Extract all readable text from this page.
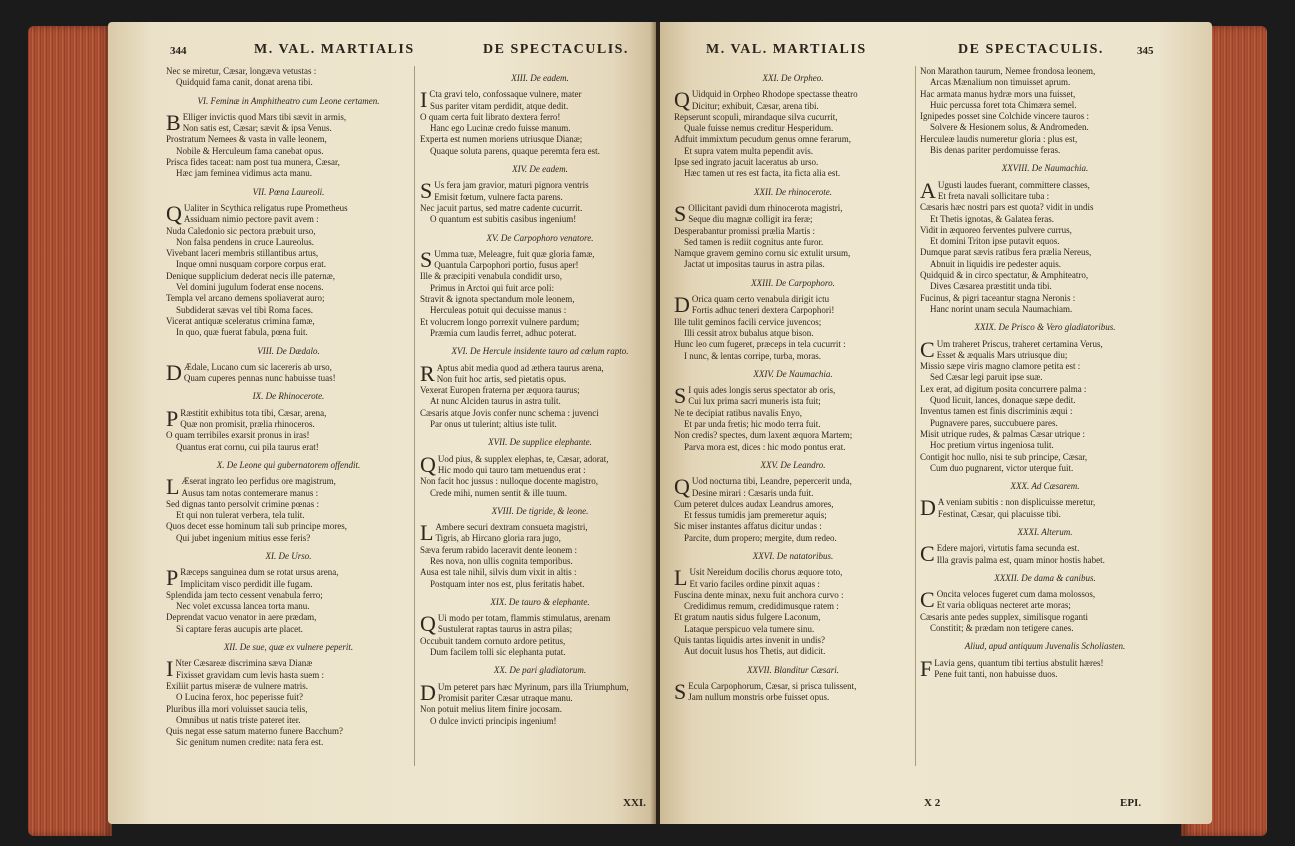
344	M. VAL. MARTIALIS	DE SPECTACULIS.
Nec se miretur, Cæsar, longæva vetustas :
Quidquid fama canit, donat arena tibi.
VI. Feminæ in Amphitheatro cum Leone certamen.
B Elliger invictis quod Mars tibi sævit in armis,
Non satis est, Cæsar; sævit & ipsa Venus.
Prostratum Nemees & vasta in valle leonem,
Nobile & Herculeum fama canebat opus.
Prisca fides taceat: nam post tua munera, Cæsar,
Hæc jam feminea vidimus acta manu.
VII. Pœna Laureoli.
Q Ualiter in Scythica religatus rupe Prometheus
Assiduam nimio pectore pavit avem :
Nuda Caledonio sic pectora præbuit urso,
Non falsa pendens in cruce Laureolus.
Vivebant laceri membris stillantibus artus,
Inque omni nusquam corpore corpus erat.
Denique supplicium dederat necis ille paternæ,
Vel domini jugulum foderat ense nocens.
Templa vel arcano demens spoliaverat auro;
Subdiderat sævas vel tibi Roma faces.
Vicerat antiquæ sceleratus crimina famæ,
In quo, quæ fuerat fabula, pœna fuit.
VIII. De Dædalo.
D Ædale, Lucano cum sic lacereris ab urso,
Quam cuperes pennas nunc habuisse tuas!
IX. De Rhinocerote.
P Ræstitit exhibitus tota tibi, Cæsar, arena,
Quæ non promisit, prælia rhinoceros.
O quam terribiles exarsit pronus in iras!
Quantus erat cornu, cui pila taurus erat!
X. De Leone qui gubernatorem offendit.
L Æserat ingrato leo perfidus ore magistrum,
Ausus tam notas contemerare manus :
Sed dignas tanto persolvit crimine pœnas :
Et qui non tulerat verbera, tela tulit.
Quos decet esse hominum tali sub principe mores,
Qui jubet ingenium mitius esse feris?
XI. De Urso.
P Ræceps sanguinea dum se rotat ursus arena,
Implicitam visco perdidit ille fugam.
Splendida jam tecto cessent venabula ferro;
Nec volet excussa lancea torta manu.
Deprendat vacuo venator in aere prædam,
Si captare feras aucupis arte placet.
XII. De sue, quæ ex vulnere peperit.
I Nter Cæsareæ discrimina sæva Dianæ
Fixisset gravidam cum levis hasta suem :
Exiliit partus miseræ de vulnere matris.
O Lucina ferox, hoc peperisse fuit?
Pluribus illa mori voluisset saucia telis,
Omnibus ut natis triste pateret iter.
Quis negat esse satum materno funere Bacchum?
Sic genitum numen credite: nata fera est.
XIII. De eadem.
I Cta gravi telo, confossaque vulnere, mater
Sus pariter vitam perdidit, atque dedit.
O quam certa fuit librato dextera ferro!
Hanc ego Lucinæ credo fuisse manum.
Experta est numen moriens utriusque Dianæ;
Quaque soluta parens, quaque peremta fera est.
XIV. De eadem.
S Us fera jam gravior, maturi pignora ventris
Emisit fœtum, vulnere facta parens.
Nec jacuit partus, sed matre cadente cucurrit.
O quantum est subitis casibus ingenium!
XV. De Carpophoro venatore.
S Umma tuæ, Meleagre, fuit quæ gloria famæ,
Quantula Carpophori portio, fusus aper!
Ille & præcipiti venabula condidit urso,
Primus in Arctoi qui fuit arce poli:
Stravit & ignota spectandum mole leonem,
Herculeas potuit qui decuisse manus :
Et volucrem longo porrexit vulnere pardum;
Præmia cum laudis ferret, adhuc poterat.
XVI. De Hercule insidente tauro ad cœlum rapto.
R Aptus abit media quod ad æthera taurus arena,
Non fuit hoc artis, sed pietatis opus.
Vexerat Europen fraterna per æquora taurus;
At nunc Alciden taurus in astra tulit.
Cæsaris atque Jovis confer nunc schema : juvenci
Par onus ut tulerint; altius iste tulit.
XVII. De supplice elephante.
Q Uod pius, & supplex elephas, te, Cæsar, adorat,
Hic modo qui tauro tam metuendus erat :
Non facit hoc jussus : nulloque docente magistro,
Crede mihi, numen sentit & ille tuum.
XVIII. De tigride, & leone.
L Ambere securi dextram consueta magistri,
Tigris, ab Hircano gloria rara jugo,
Sæva ferum rabido laceravit dente leonem :
Res nova, non ullis cognita temporibus.
Ausa est tale nihil, silvis dum vixit in altis :
Postquam inter nos est, plus feritatis habet.
XIX. De tauro & elephante.
Q Ui modo per totam, flammis stimulatus, arenam
Sustulerat raptas taurus in astra pilas;
Occubuit tandem cornuto ardore petitus,
Dum facilem tolli sic elephanta putat.
XX. De pari gladiatorum.
D Um peteret pars hæc Myrinum, pars illa Triumphum,
Promisit pariter Cæsar utraque manu.
Non potuit melius litem finire jocosam.
O dulce invicti principis ingenium!
XXI.
M. VAL. MARTIALIS	DE SPECTACULIS.	345
XXI. De Orpheo.
Q Uidquid in Orpheo Rhodope spectasse theatro
Dicitur; exhibuit, Cæsar, arena tibi.
Repserunt scopuli, mirandaque silva cucurrit,
Quale fuisse nemus creditur Hesperidum.
Adfuit immixtum pecudum genus omne ferarum,
Et supra vatem multa pependit avis.
Ipse sed ingrato jacuit laceratus ab urso.
Hæc tamen ut res est facta, ita ficta alia est.
XXII. De rhinocerote.
S Ollicitant pavidi dum rhinocerota magistri,
Seque diu magnæ colligit ira feræ;
Desperabantur promissi prælia Martis :
Sed tamen is rediit cognitus ante furor.
Namque gravem gemino cornu sic extulit ursum,
Jactat ut impositas taurus in astra pilas.
XXIII. De Carpophoro.
D Orica quam certo venabula dirigit ictu
Fortis adhuc teneri dextera Carpophori!
Ille tulit geminos facili cervice juvencos;
Illi cessit atrox bubalus atque bison.
Hunc leo cum fugeret, præceps in tela cucurrit :
I nunc, & lentas corripe, turba, moras.
XXIV. De Naumachia.
S I quis ades longis serus spectator ab oris,
Cui lux prima sacri muneris ista fuit;
Ne te decipiat ratibus navalis Enyo,
Et par unda fretis; hic modo terra fuit.
Non credis? spectes, dum laxent æquora Martem;
Parva mora est, dices : hic modo pontus erat.
XXV. De Leandro.
Q Uod nocturna tibi, Leandre, pepercerit unda,
Desine mirari : Cæsaris unda fuit.
Cum peteret dulces audax Leandrus amores,
Et fessus tumidis jam premeretur aquis;
Sic miser instantes affatus dicitur undas :
Parcite, dum propero; mergite, dum redeo.
XXVI. De natatoribus.
L Usit Nereidum docilis chorus æquore toto,
Et vario faciles ordine pinxit aquas :
Fuscina dente minax, nexu fuit anchora curvo :
Credidimus remum, credidimusque ratem :
Et gratum nautis sidus fulgere Laconum,
Lataque perspicuo vela tumere sinu.
Quis tantas liquidis artes invenit in undis?
Aut docuit lusus hos Thetis, aut didicit.
XXVII. Blanditur Cæsari.
S Ecula Carpophorum, Cæsar, si prisca tulissent,
Jam nullum monstris orbe fuisset opus.
Non Marathon taurum, Nemee frondosa leonem,
Arcas Mænalium non timuisset aprum.
Hac armata manus hydræ mors una fuisset,
Huic percussa foret tota Chimæra semel.
Ignipedes posset sine Colchide vincere tauros :
Solvere & Hesionem solus, & Andromeden.
Herculeæ laudis numeretur gloria : plus est,
Bis denas pariter perdomuisse feras.
XXVIII. De Naumachia.
A Ugusti laudes fuerant, committere classes,
Et freta navali sollicitare tuba :
Cæsaris hæc nostri pars est quota? vidit in undis
Et Thetis ignotas, & Galatea feras.
Vidit in æquoreo ferventes pulvere currus,
Et domini Triton ipse putavit equos.
Dumque parat sævis ratibus fera prælia Nereus,
Abnuit in liquidis ire pedester aquis.
Quidquid & in circo spectatur, & Amphiteatro,
Dives Cæsarea præstitit unda tibi.
Fucinus, & pigri taceantur stagna Neronis :
Hanc norint unam secula Naumachiam.
XXIX. De Prisco & Vero gladiatoribus.
C Um traheret Priscus, traheret certamina Verus,
Esset & æqualis Mars utriusque diu;
Missio sæpe viris magno clamore petita est :
Sed Cæsar legi paruit ipse suæ.
Lex erat, ad digitum posita concurrere palma :
Quod licuit, lances, donaque sæpe dedit.
Inventus tamen est finis discriminis æqui :
Pugnavere pares, succubuere pares.
Misit utrique rudes, & palmas Cæsar utrique :
Hoc pretium virtus ingeniosa tulit.
Contigit hoc nullo, nisi te sub principe, Cæsar,
Cum duo pugnarent, victor uterque fuit.
XXX. Ad Cæsarem.
D A veniam subitis : non displicuisse meretur,
Festinat, Cæsar, qui placuisse tibi.
XXXI. Alterum.
C Edere majori, virtutis fama secunda est.
Illa gravis palma est, quam minor hostis habet.
XXXII. De dama & canibus.
C Oncita veloces fugeret cum dama molossos,
Et varia obliquas necteret arte moras;
Cæsaris ante pedes supplex, similisque roganti
Constitit; & prædam non tetigere canes.
Aliud, apud antiquum Juvenalis Scholiasten.
F Lavia gens, quantum tibi tertius abstulit hæres!
Pene fuit tanti, non habuisse duos.
X 2	EPI.
